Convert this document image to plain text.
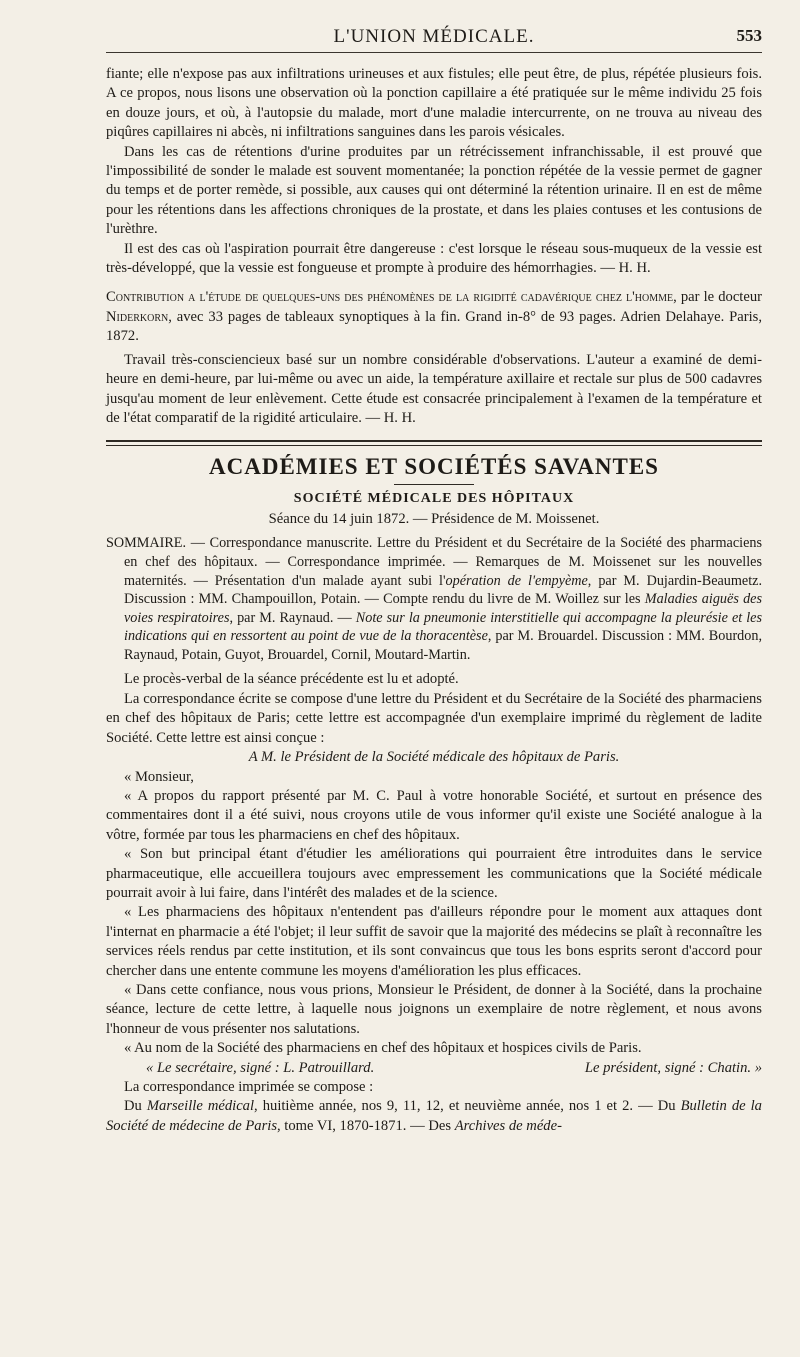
L'UNION MÉDICALE.	553

fiante; elle n'expose pas aux infiltrations urineuses et aux fistules; elle peut être, de plus, répétée plusieurs fois. A ce propos, nous lisons une observation où la ponction capillaire a été pratiquée sur le même individu 25 fois en douze jours, et où, à l'autopsie du malade, mort d'une maladie intercurrente, on ne trouva au niveau des piqûres capillaires ni abcès, ni infiltrations sanguines dans les parois vésicales.

Dans les cas de rétentions d'urine produites par un rétrécissement infranchissable, il est prouvé que l'impossibilité de sonder le malade est souvent momentanée; la ponction répétée de la vessie permet de gagner du temps et de porter remède, si possible, aux causes qui ont déterminé la rétention urinaire. Il en est de même pour les rétentions dans les affections chroniques de la prostate, et dans les plaies contuses et les contusions de l'urèthre.

Il est des cas où l'aspiration pourrait être dangereuse : c'est lorsque le réseau sous-muqueux de la vessie est très-développé, que la vessie est fongueuse et prompte à produire des hémorrhagies. — H. H.

Contribution a l'étude de quelques-uns des phénomènes de la rigidité cadavérique chez l'homme, par le docteur Niderkorn, avec 33 pages de tableaux synoptiques à la fin. Grand in-8° de 93 pages. Adrien Delahaye. Paris, 1872.

Travail très-consciencieux basé sur un nombre considérable d'observations. L'auteur a examiné de demi-heure en demi-heure, par lui-même ou avec un aide, la température axillaire et rectale sur plus de 500 cadavres jusqu'au moment de leur enlèvement. Cette étude est consacrée principalement à l'examen de la température et de l'état comparatif de la rigidité articulaire. — H. H.

ACADÉMIES ET SOCIÉTÉS SAVANTES
SOCIÉTÉ MÉDICALE DES HÔPITAUX
Séance du 14 juin 1872. — Présidence de M. Moissenet.

SOMMAIRE. — Correspondance manuscrite. Lettre du Président et du Secrétaire de la Société des pharmaciens en chef des hôpitaux. — Correspondance imprimée. — Remarques de M. Moissenet sur les nouvelles maternités. — Présentation d'un malade ayant subi l'opération de l'empyème, par M. Dujardin-Beaumetz. Discussion : MM. Champouillon, Potain. — Compte rendu du livre de M. Woillez sur les Maladies aiguës des voies respiratoires, par M. Raynaud. — Note sur la pneumonie interstitielle qui accompagne la pleurésie et les indications qui en ressortent au point de vue de la thoracentèse, par M. Brouardel. Discussion : MM. Bourdon, Raynaud, Potain, Guyot, Brouardel, Cornil, Moutard-Martin.

Le procès-verbal de la séance précédente est lu et adopté.

La correspondance écrite se compose d'une lettre du Président et du Secrétaire de la Société des pharmaciens en chef des hôpitaux de Paris; cette lettre est accompagnée d'un exemplaire imprimé du règlement de ladite Société. Cette lettre est ainsi conçue :

A M. le Président de la Société médicale des hôpitaux de Paris.

« Monsieur,

« A propos du rapport présenté par M. C. Paul à votre honorable Société, et surtout en présence des commentaires dont il a été suivi, nous croyons utile de vous informer qu'il existe une Société analogue à la vôtre, formée par tous les pharmaciens en chef des hôpitaux.

« Son but principal étant d'étudier les améliorations qui pourraient être introduites dans le service pharmaceutique, elle accueillera toujours avec empressement les communications que la Société médicale pourrait avoir à lui faire, dans l'intérêt des malades et de la science.

« Les pharmaciens des hôpitaux n'entendent pas d'ailleurs répondre pour le moment aux attaques dont l'internat en pharmacie a été l'objet; il leur suffit de savoir que la majorité des médecins se plaît à reconnaître les services réels rendus par cette institution, et ils sont convaincus que tous les bons esprits seront d'accord pour chercher dans une entente commune les moyens d'amélioration les plus efficaces.

« Dans cette confiance, nous vous prions, Monsieur le Président, de donner à la Société, dans la prochaine séance, lecture de cette lettre, à laquelle nous joignons un exemplaire de notre règlement, et nous avons l'honneur de vous présenter nos salutations.

« Au nom de la Société des pharmaciens en chef des hôpitaux et hospices civils de Paris.

« Le secrétaire, signé : L. Patrouillard.	Le président, signé : Chatin. »

La correspondance imprimée se compose :

Du Marseille médical, huitième année, nos 9, 11, 12, et neuvième année, nos 1 et 2. — Du Bulletin de la Société de médecine de Paris, tome VI, 1870-1871. — Des Archives de méde-
